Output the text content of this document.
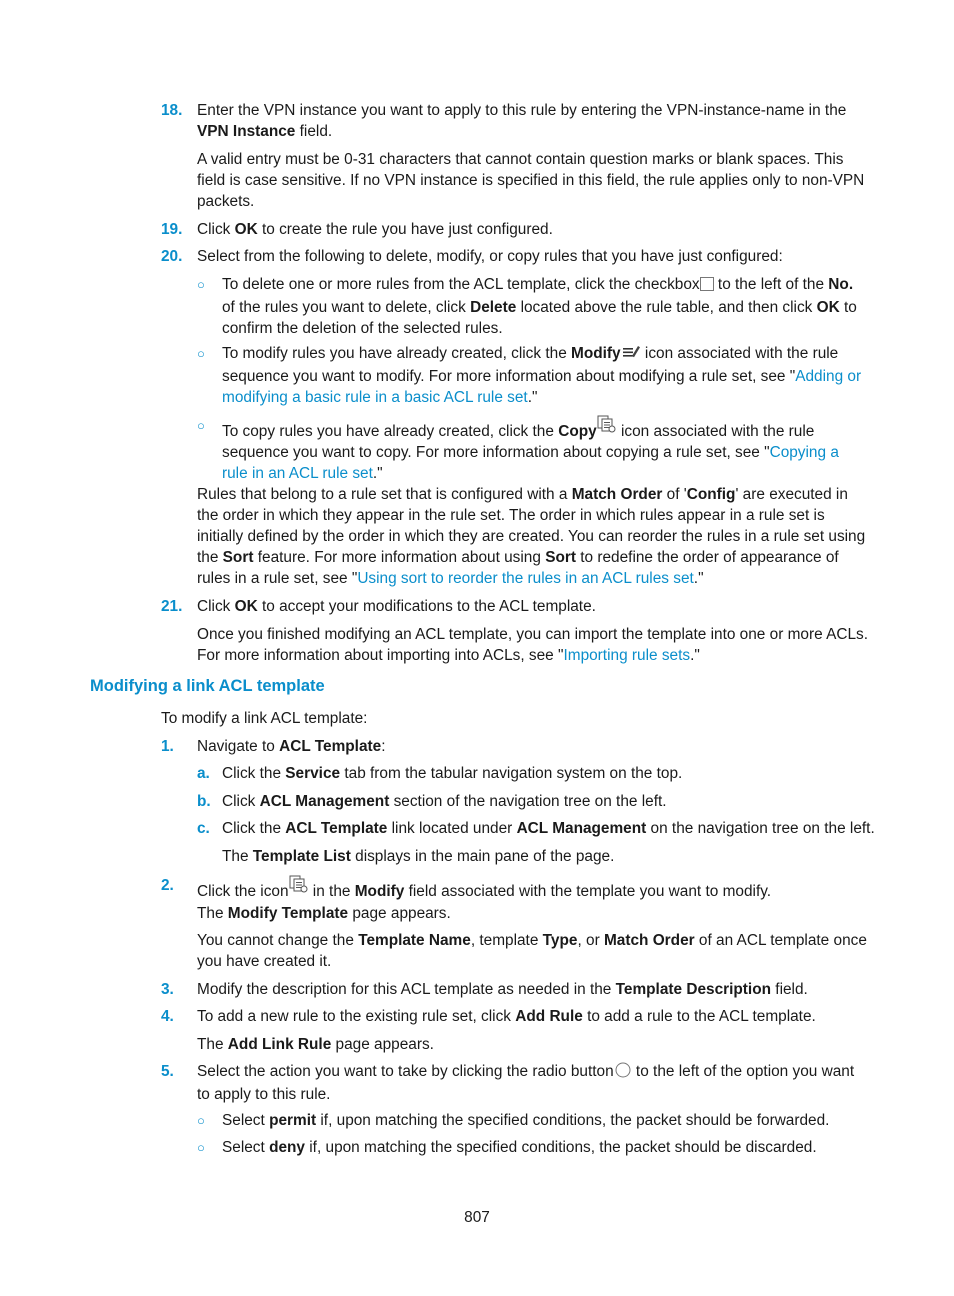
18. Enter the VPN instance you want to apply to this rule by entering the VPN-instance-name in the
VPN Instance field.
A valid entry must be 0-31 characters that cannot contain question marks or blank spaces. This field is case sensitive. If no VPN instance is specified in this field, the rule applies only to non-VPN packets.
19. Click OK to create the rule you have just configured.
20. Select from the following to delete, modify, or copy rules that you have just configured:
○ To delete one or more rules from the ACL template, click the checkbox to the left of the No. of the rules you want to delete, click Delete located above the rule table, and then click OK to confirm the deletion of the selected rules.
○ To modify rules you have already created, click the Modify icon associated with the rule sequence you want to modify. For more information about modifying a rule set, see "Adding or modifying a basic rule in a basic ACL rule set."
○ To copy rules you have already created, click the Copy icon associated with the rule sequence you want to copy. For more information about copying a rule set, see "Copying a rule in an ACL rule set."
Rules that belong to a rule set that is configured with a Match Order of 'Config' are executed in the order in which they appear in the rule set. The order in which rules appear in a rule set is initially defined by the order in which they are created. You can reorder the rules in a rule set using the Sort feature. For more information about using Sort to redefine the order of appearance of rules in a rule set, see "Using sort to reorder the rules in an ACL rules set."
21. Click OK to accept your modifications to the ACL template.
Once you finished modifying an ACL template, you can import the template into one or more ACLs. For more information about importing into ACLs, see "Importing rule sets."
Modifying a link ACL template
To modify a link ACL template:
1. Navigate to ACL Template:
a. Click the Service tab from the tabular navigation system on the top.
b. Click ACL Management section of the navigation tree on the left.
c. Click the ACL Template link located under ACL Management on the navigation tree on the left.
The Template List displays in the main pane of the page.
2. Click the icon in the Modify field associated with the template you want to modify.
The Modify Template page appears.
You cannot change the Template Name, template Type, or Match Order of an ACL template once you have created it.
3. Modify the description for this ACL template as needed in the Template Description field.
4. To add a new rule to the existing rule set, click Add Rule to add a rule to the ACL template.
The Add Link Rule page appears.
5. Select the action you want to take by clicking the radio button to the left of the option you want to apply to this rule.
○ Select permit if, upon matching the specified conditions, the packet should be forwarded.
○ Select deny if, upon matching the specified conditions, the packet should be discarded.
807
